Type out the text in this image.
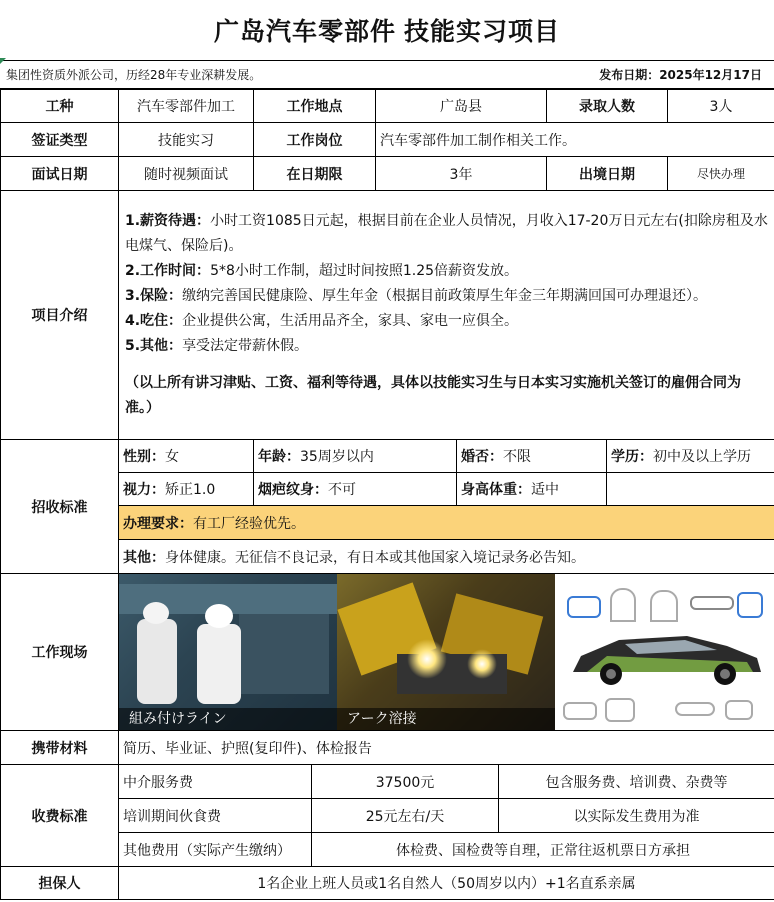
广岛汽车零部件 技能实习 项目
集团性资质外派公司，历经28年专业深耕发展。	发布日期：2025年12月17日
工种	汽车零部件加工	工作地点	广岛县	录取人数	3人
签证类型	技能实习	工作岗位	汽车零部件加工制作相关工作。
面试日期	随时视频面试	在日期限	3年	出境日期	尽快办理
项目介绍	

1.薪资待遇：小时工资1085日元起，根据目前在企业人员情况，月收入17-20万日元左右(扣除房租及水电煤气、保险后)。

2.工作时间：5*8小时工作制，超过时间按照1.25倍薪资发放。

3.保险：缴纳完善国民健康险、厚生年金（根据目前政策厚生年金三年期满回国可办理退还）。

4.吃住：企业提供公寓，生活用品齐全，家具、家电一应俱全。

5.其他：享受法定带薪休假。

（以上所有讲习津贴、工资、福利等待遇，具体以技能实习生与日本实习实施机关签订的雇佣合同为准。）

招收标准	
性别：女	年龄：35周岁以内	婚否：不限	学历：初中及以上学历
视力：矫正1.0	烟疤纹身：不可	身高体重：适中	
办理要求：有工厂经验优先。
其他：身体健康。无征信不良记录，有日本或其他国家入境记录务必告知。

工作现场	
組み付けライン	アーク溶接

携带材料	简历、毕业证、护照(复印件)、体检报告
收费标准	
中介服务费	37500元	包含服务费、培训费、杂费等
培训期间伙食费	25元左右/天	以实际发生费用为准
其他费用（实际产生缴纳）	体检费、国检费等自理，正常往返机票日方承担

担保人	1名企业上班人员或1名自然人（50周岁以内）+1名直系亲属
